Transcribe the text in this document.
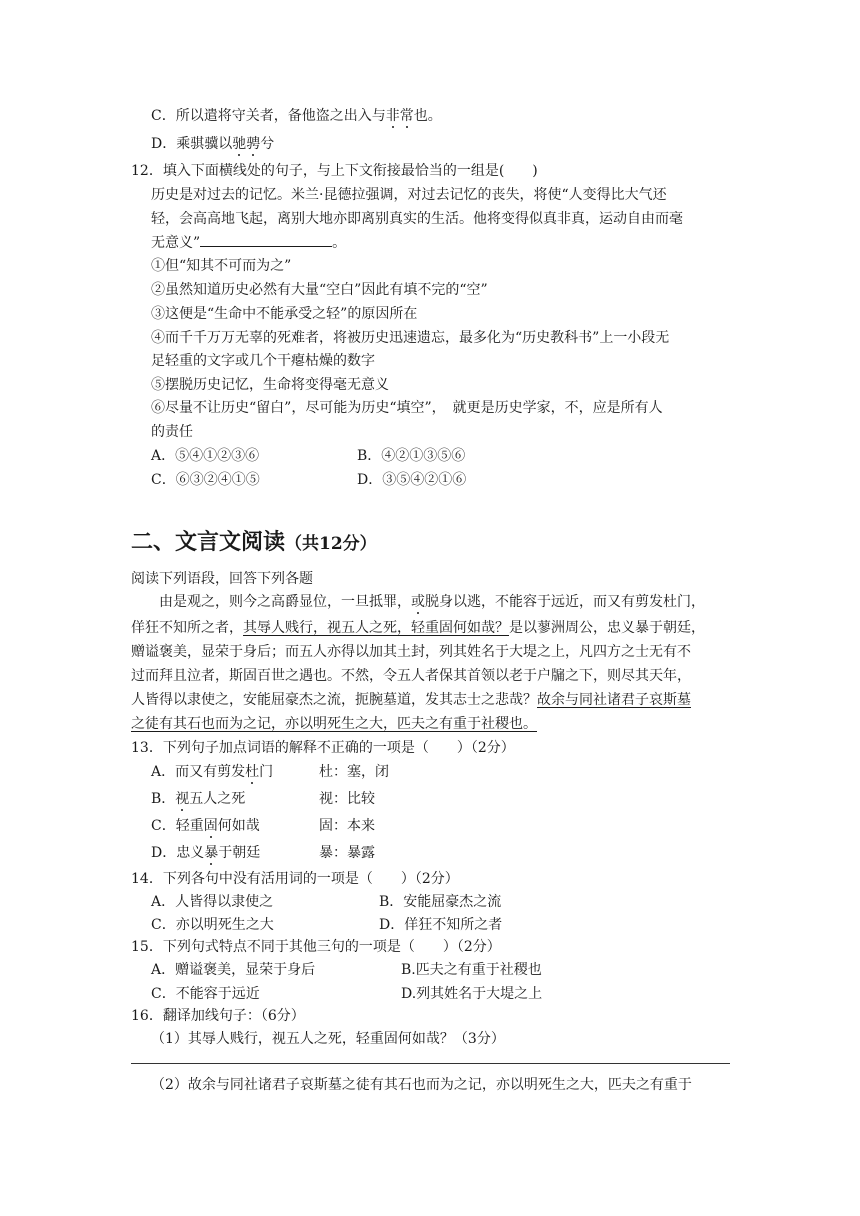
C．所以遣将守关者，备他盗之出入与非常也。
D．乘骐骥以驰骋兮
12．填入下面横线处的句子，与上下文衔接最恰当的一组是(　　)
历史是对过去的记忆。米兰·昆德拉强调，对过去记忆的丧失，将使“人变得比大气还
轻，会高高地飞起，离别大地亦即离别真实的生活。他将变得似真非真，运动自由而毫
无意义”	。
①但“知其不可而为之”
②虽然知道历史必然有大量“空白”因此有填不完的“空”
③这便是“生命中不能承受之轻”的原因所在
④而千千万万无辜的死难者，将被历史迅速遗忘，最多化为“历史教科书”上一小段无
足轻重的文字或几个干瘪枯燥的数字
⑤摆脱历史记忆，生命将变得毫无意义
⑥尽量不让历史“留白”，尽可能为历史“填空”，　就更是历史学家，不，应是所有人
的责任
A．⑤④①②③⑥	B．④②①③⑤⑥
C．⑥③②④①⑤	D．③⑤④②①⑥
二、文言文阅读（共12分）
阅读下列语段，回答下列各题
由是观之，则今之高爵显位，一旦抵罪，或脱身以逃，不能容于远近，而又有剪发杜门，
佯狂不知所之者，其辱人贱行，视五人之死，轻重固何如哉？是以蓼洲周公，忠义暴于朝廷，
赠谥褒美，显荣于身后；而五人亦得以加其土封，列其姓名于大堤之上，凡四方之士无有不
过而拜且泣者，斯固百世之遇也。不然，令五人者保其首领以老于户牖之下，则尽其天年，
人皆得以隶使之，安能屈豪杰之流，扼腕墓道，发其志士之悲哉？故余与同社诸君子哀斯墓
之徒有其石也而为之记，亦以明死生之大，匹夫之有重于社稷也。
13．下列句子加点词语的解释不正确的一项是（　　）（2分）
A．而又有剪发杜门	杜：塞，闭
B．视五人之死	视：比较
C．轻重固何如哉	固：本来
D．忠义暴于朝廷	暴：暴露
14．下列各句中没有活用词的一项是（　　）（2分）
A．人皆得以隶使之	B．安能屈豪杰之流
C．亦以明死生之大	D．佯狂不知所之者
15．下列句式特点不同于其他三句的一项是（　　）（2分）
A．赠谥褒美，显荣于身后	B.匹夫之有重于社稷也
C．不能容于远近	D.列其姓名于大堤之上
16．翻译加线句子：（6分）
（1）其辱人贱行，视五人之死，轻重固何如哉？（3分）
（2）故余与同社诸君子哀斯墓之徒有其石也而为之记，亦以明死生之大，匹夫之有重于
